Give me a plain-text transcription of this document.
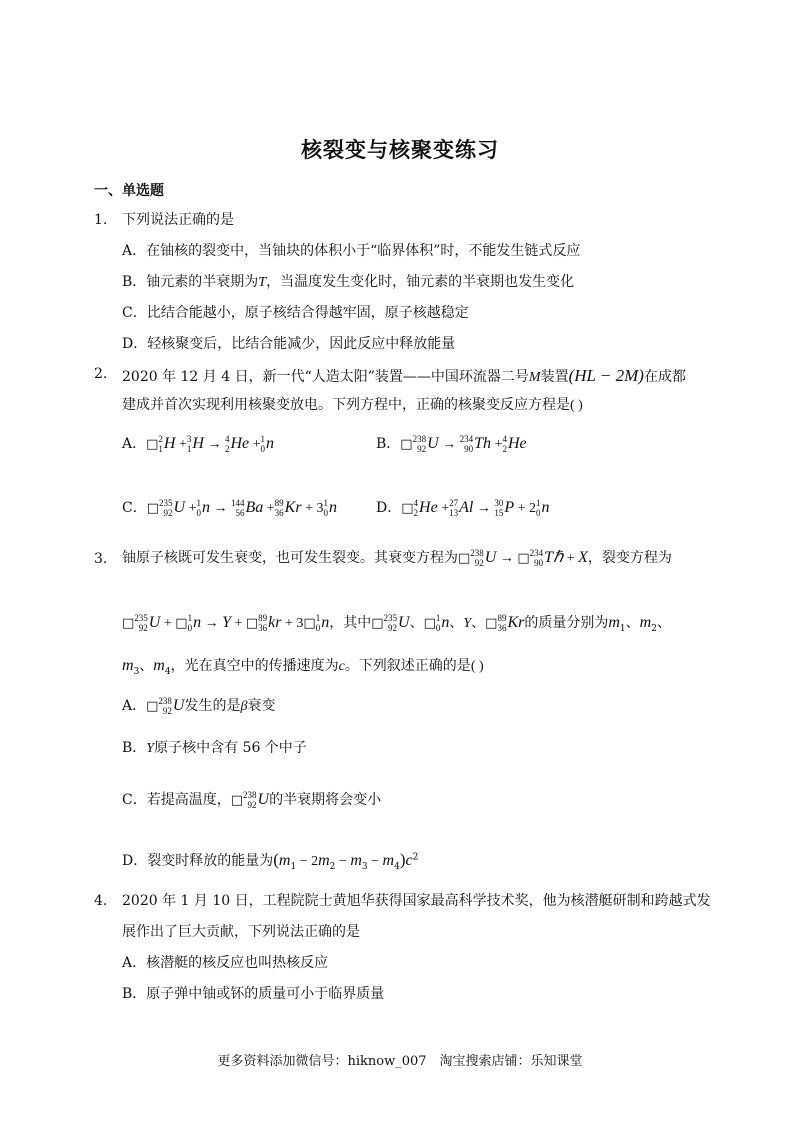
核裂变与核聚变练习
一、单选题
1. 下列说法正确的是
A．在铀核的裂变中，当铀块的体积小于“临界体积”时，不能发生链式反应
B．铀元素的半衰期为T，当温度发生变化时，铀元素的半衰期也发生变化
C．比结合能越小，原子核结合得越牢固，原子核越稳定
D．轻核聚变后，比结合能减少，因此反应中释放能量
2. 2020 年 12 月 4 日，新一代“人造太阳”装置——中国环流器二号M装置(HL − 2M)在成都
建成并首次实现利用核聚变放电。下列方程中，正确的核聚变反应方程是( )
A．□ 2
1 H + 3
1 H → 4
2 He + 1
0 n	B．□ 238
92 U → 234
90 Th + 4
2 He
C．□ 235
92 U + 1
0 n → 144
56 Ba + 89
36 Kr + 3 1
0 n	D．□ 4
2 He + 27
13 Al → 30
15 P + 2 1
0 n
3. 铀原子核既可发生衰变，也可发生裂变。其衰变方程为□ 238
92 U → □ 234
90 Tℏ + X，裂变方程为
□ 235
92 U + □ 1
0 n → Y + □ 89
36 kr + 3□ 1
0 n，其中□ 235
92 U、□ 1
0 n、Y、□ 89
36 Kr的质量分别为$m_1$、$m_2$、
$m_3$、$m_4$，光在真空中的传播速度为c。下列叙述正确的是( )
A．□ 238
92 U发生的是β衰变
B．Y原子核中含有 56 个中子
C．若提高温度，□ 238
92 U的半衰期将会变小
D．裂变时释放的能量为$(m_1 - 2m_2 - m_3 - m_4)c^2$
4. 2020 年 1 月 10 日，工程院院士黄旭华获得国家最高科学技术奖，他为核潜艇研制和跨越式发
展作出了巨大贡献，下列说法正确的是
A．核潜艇的核反应也叫热核反应
B．原子弹中铀或钚的质量可小于临界质量
更多资料添加微信号：hiknow_007　淘宝搜索店铺：乐知课堂
